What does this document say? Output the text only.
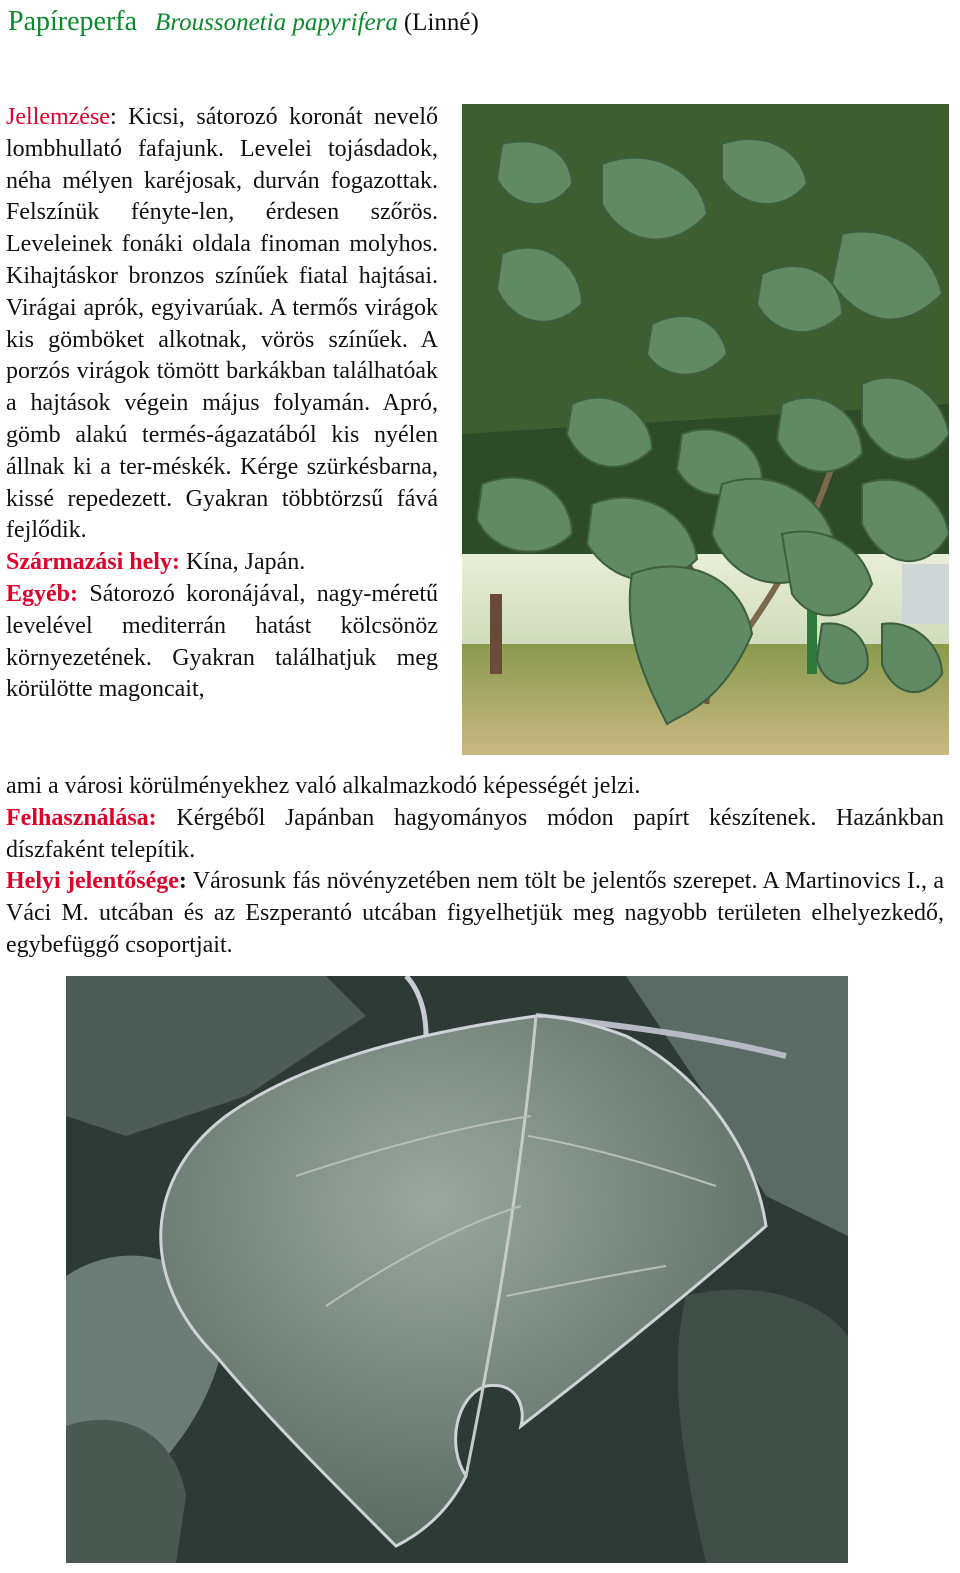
Papíreperfa Broussonetia papyrifera (Linné)

Jellemzése: Kicsi, sátorozó koronát nevelő lombhullató fafajunk. Levelei tojásdadok, néha mélyen karéjosak, durván fogazottak. Felszínük fényte-len, érdesen szőrös. Leveleinek fonáki oldala finoman molyhos. Kihajtáskor bronzos színűek fiatal hajtásai. Virágai aprók, egyivarúak. A termős virágok kis gömböket alkotnak, vörös színűek. A porzós virágok tömött barkákban találhatóak a hajtások végein május folyamán. Apró, gömb alakú termés-ágazatából kis nyélen állnak ki a ter-méskék. Kérge szürkésbarna, kissé repedezett. Gyakran többtörzsű fává fejlődik.

Származási hely: Kína, Japán.

Egyéb: Sátorozó koronájával, nagy-méretű levelével mediterrán hatást kölcsönöz környezetének. Gyakran találhatjuk meg körülötte magoncait,

ami a városi körülményekhez való alkalmazkodó képességét jelzi.

Felhasználása: Kérgéből Japánban hagyományos módon papírt készítenek. Hazánkban díszfaként telepítik.

Helyi jelentősége: Városunk fás növényzetében nem tölt be jelentős szerepet. A Martinovics I., a Váci M. utcában és az Eszperantó utcában figyelhetjük meg nagyobb területen elhelyezkedő, egybefüggő csoportjait.
